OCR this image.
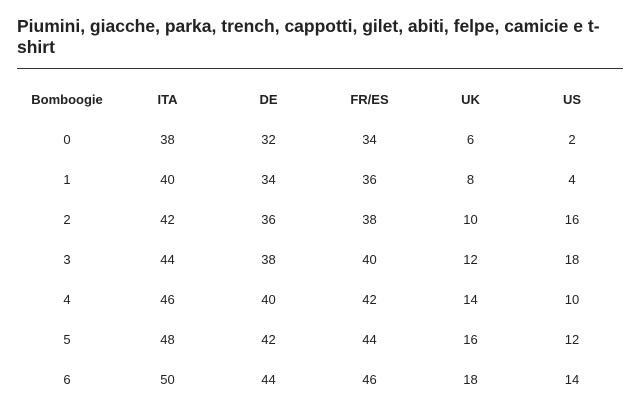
Piumini, giacche, parka, trench, cappotti, gilet, abiti, felpe, camicie e t-shirt
Bomboogie	ITA	DE	FR/ES	UK	US
0	38	32	34	6	2
1	40	34	36	8	4
2	42	36	38	10	16
3	44	38	40	12	18
4	46	40	42	14	10
5	48	42	44	16	12
6	50	44	46	18	14
